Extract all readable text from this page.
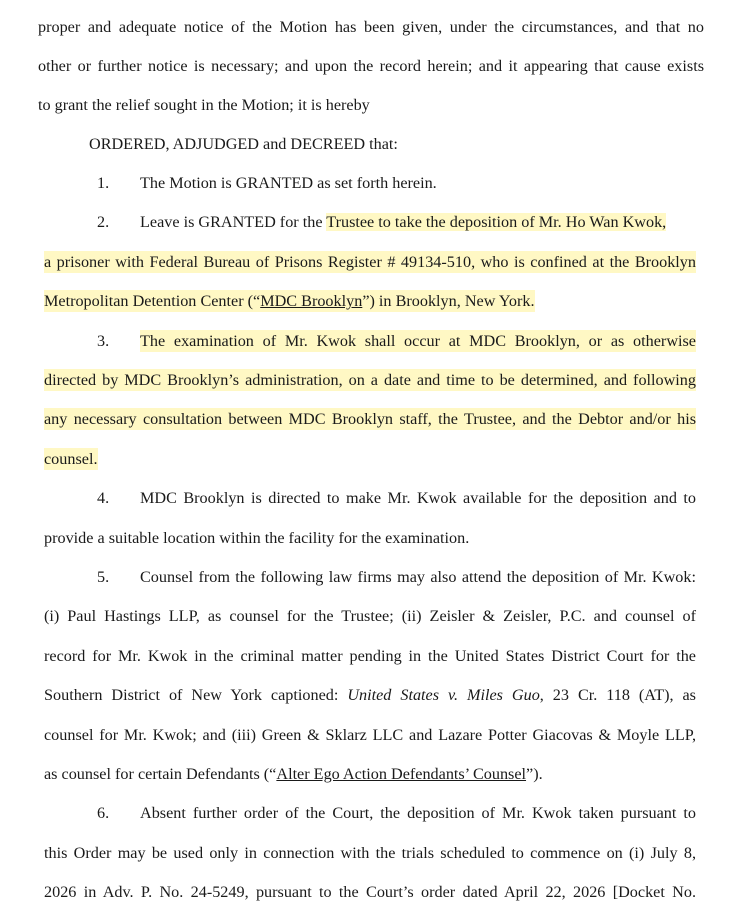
proper and adequate notice of the Motion has been given, under the circumstances, and that no
other or further notice is necessary; and upon the record herein; and it appearing that cause exists
to grant the relief sought in the Motion; it is hereby
ORDERED, ADJUDGED and DECREED that:
1. The Motion is GRANTED as set forth herein.
2. Leave is GRANTED for the Trustee to take the deposition of Mr. Ho Wan Kwok,
a prisoner with Federal Bureau of Prisons Register # 49134-510, who is confined at the Brooklyn
Metropolitan Detention Center (“MDC Brooklyn”) in Brooklyn, New York.
3. The examination of Mr. Kwok shall occur at MDC Brooklyn, or as otherwise
directed by MDC Brooklyn’s administration, on a date and time to be determined, and following
any necessary consultation between MDC Brooklyn staff, the Trustee, and the Debtor and/or his
counsel.
4. MDC Brooklyn is directed to make Mr. Kwok available for the deposition and to
provide a suitable location within the facility for the examination.
5. Counsel from the following law firms may also attend the deposition of Mr. Kwok:
(i) Paul Hastings LLP, as counsel for the Trustee; (ii) Zeisler & Zeisler, P.C. and counsel of
record for Mr. Kwok in the criminal matter pending in the United States District Court for the
Southern District of New York captioned: United States v. Miles Guo, 23 Cr. 118 (AT), as
counsel for Mr. Kwok; and (iii) Green & Sklarz LLC and Lazare Potter Giacovas & Moyle LLP,
as counsel for certain Defendants (“Alter Ego Action Defendants’ Counsel”).
6. Absent further order of the Court, the deposition of Mr. Kwok taken pursuant to
this Order may be used only in connection with the trials scheduled to commence on (i) July 8,
2026 in Adv. P. No. 24-5249, pursuant to the Court’s order dated April 22, 2026 [Docket No.
